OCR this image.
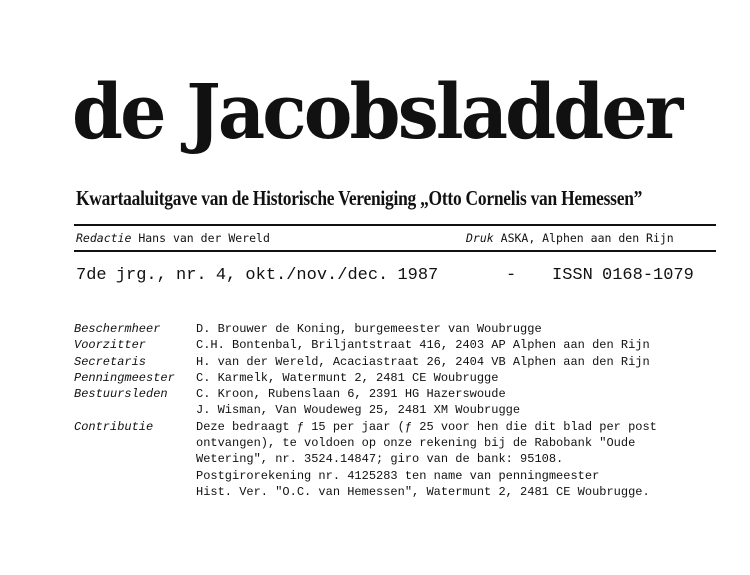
de Jacobsladder
Kwartaaluitgave van de Historische Vereniging „Otto Cornelis van Hemessen”
Redactie Hans van der Wereld	Druk ASKA, Alphen aan den Rijn
7de jrg., nr. 4, okt./nov./dec. 1987	- ISSN 0168-1079
Beschermheer	D. Brouwer de Koning, burgemeester van Woubrugge
Voorzitter	C.H. Bontenbal, Briljantstraat 416, 2403 AP Alphen aan den Rijn
Secretaris	H. van der Wereld, Acaciastraat 26, 2404 VB Alphen aan den Rijn
Penningmeester	C. Karmelk, Watermunt 2, 2481 CE Woubrugge
Bestuursleden	C. Kroon, Rubenslaan 6, 2391 HG Hazerswoude
J. Wisman, Van Woudeweg 25, 2481 XM Woubrugge
Contributie	Deze bedraagt ƒ 15 per jaar (ƒ 25 voor hen die dit blad per post
ontvangen), te voldoen op onze rekening bij de Rabobank "Oude
Wetering", nr. 3524.14847; giro van de bank: 95108.
Postgirorekening nr. 4125283 ten name van penningmeester
Hist. Ver. "O.C. van Hemessen", Watermunt 2, 2481 CE Woubrugge.
